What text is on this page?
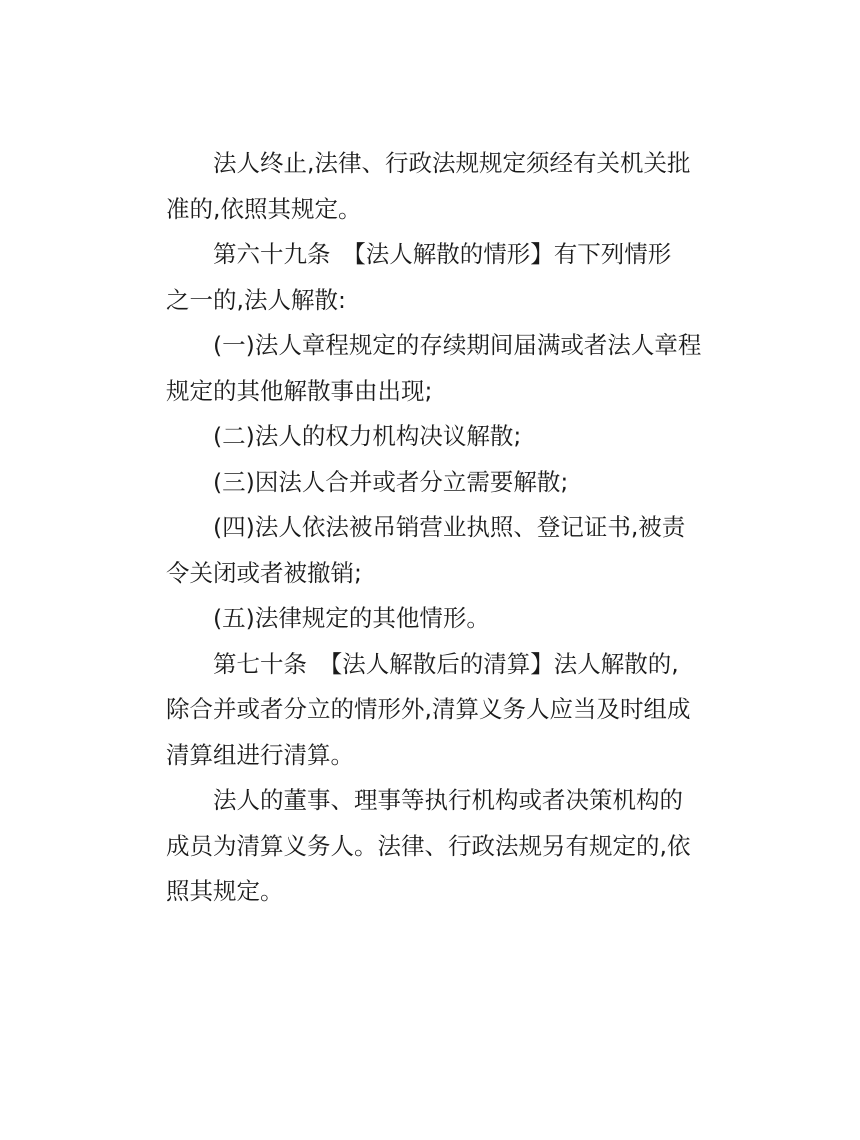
法人终止,法律、行政法规规定须经有关机关批
准的,依照其规定。
第六十九条　【法人解散的情形】有下列情形
之一的,法人解散:
(一)法人章程规定的存续期间届满或者法人章程
规定的其他解散事由出现;
(二)法人的权力机构决议解散;
(三)因法人合并或者分立需要解散;
(四)法人依法被吊销营业执照、登记证书,被责
令关闭或者被撤销;
(五)法律规定的其他情形。
第七十条　【法人解散后的清算】法人解散的,
除合并或者分立的情形外,清算义务人应当及时组成
清算组进行清算。
法人的董事、理事等执行机构或者决策机构的
成员为清算义务人。法律、行政法规另有规定的,依
照其规定。
